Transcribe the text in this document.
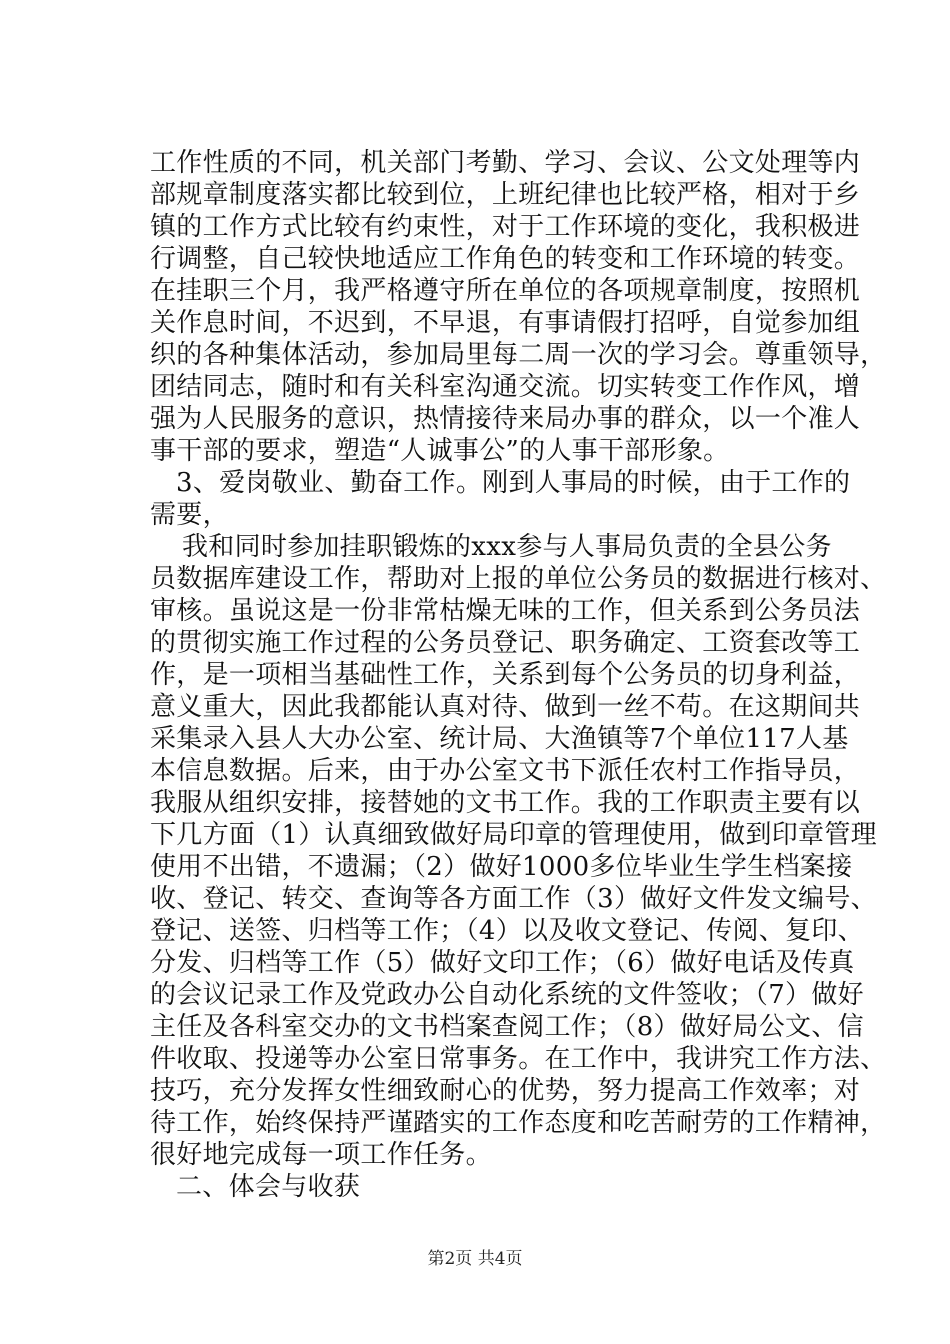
工作性质的不同，机关部门考勤、学习、会议、公文处理等内
部规章制度落实都比较到位，上班纪律也比较严格，相对于乡
镇的工作方式比较有约束性，对于工作环境的变化，我积极进
行调整，自己较快地适应工作角色的转变和工作环境的转变。
在挂职三个月，我严格遵守所在单位的各项规章制度，按照机
关作息时间，不迟到，不早退，有事请假打招呼，自觉参加组
织的各种集体活动，参加局里每二周一次的学习会。尊重领导，
团结同志，随时和有关科室沟通交流。切实转变工作作风，增
强为人民服务的意识，热情接待来局办事的群众，以一个准人
事干部的要求，塑造“人诚事公”的人事干部形象。
3、爱岗敬业、勤奋工作。刚到人事局的时候，由于工作的
需要，
我和同时参加挂职锻炼的xxx参与人事局负责的全县公务
员数据库建设工作，帮助对上报的单位公务员的数据进行核对、
审核。虽说这是一份非常枯燥无味的工作，但关系到公务员法
的贯彻实施工作过程的公务员登记、职务确定、工资套改等工
作，是一项相当基础性工作，关系到每个公务员的切身利益，
意义重大，因此我都能认真对待、做到一丝不苟。在这期间共
采集录入县人大办公室、统计局、大渔镇等7个单位117人基
本信息数据。后来，由于办公室文书下派任农村工作指导员，
我服从组织安排，接替她的文书工作。我的工作职责主要有以
下几方面（1）认真细致做好局印章的管理使用，做到印章管理
使用不出错，不遗漏；（2）做好1000多位毕业生学生档案接
收、登记、转交、查询等各方面工作（3）做好文件发文编号、
登记、送签、归档等工作；（4）以及收文登记、传阅、复印、
分发、归档等工作（5）做好文印工作；（6）做好电话及传真
的会议记录工作及党政办公自动化系统的文件签收；（7）做好
主任及各科室交办的文书档案查阅工作；（8）做好局公文、信
件收取、投递等办公室日常事务。在工作中，我讲究工作方法、
技巧，充分发挥女性细致耐心的优势，努力提高工作效率；对
待工作，始终保持严谨踏实的工作态度和吃苦耐劳的工作精神，
很好地完成每一项工作任务。
二、体会与收获
第2页 共4页
